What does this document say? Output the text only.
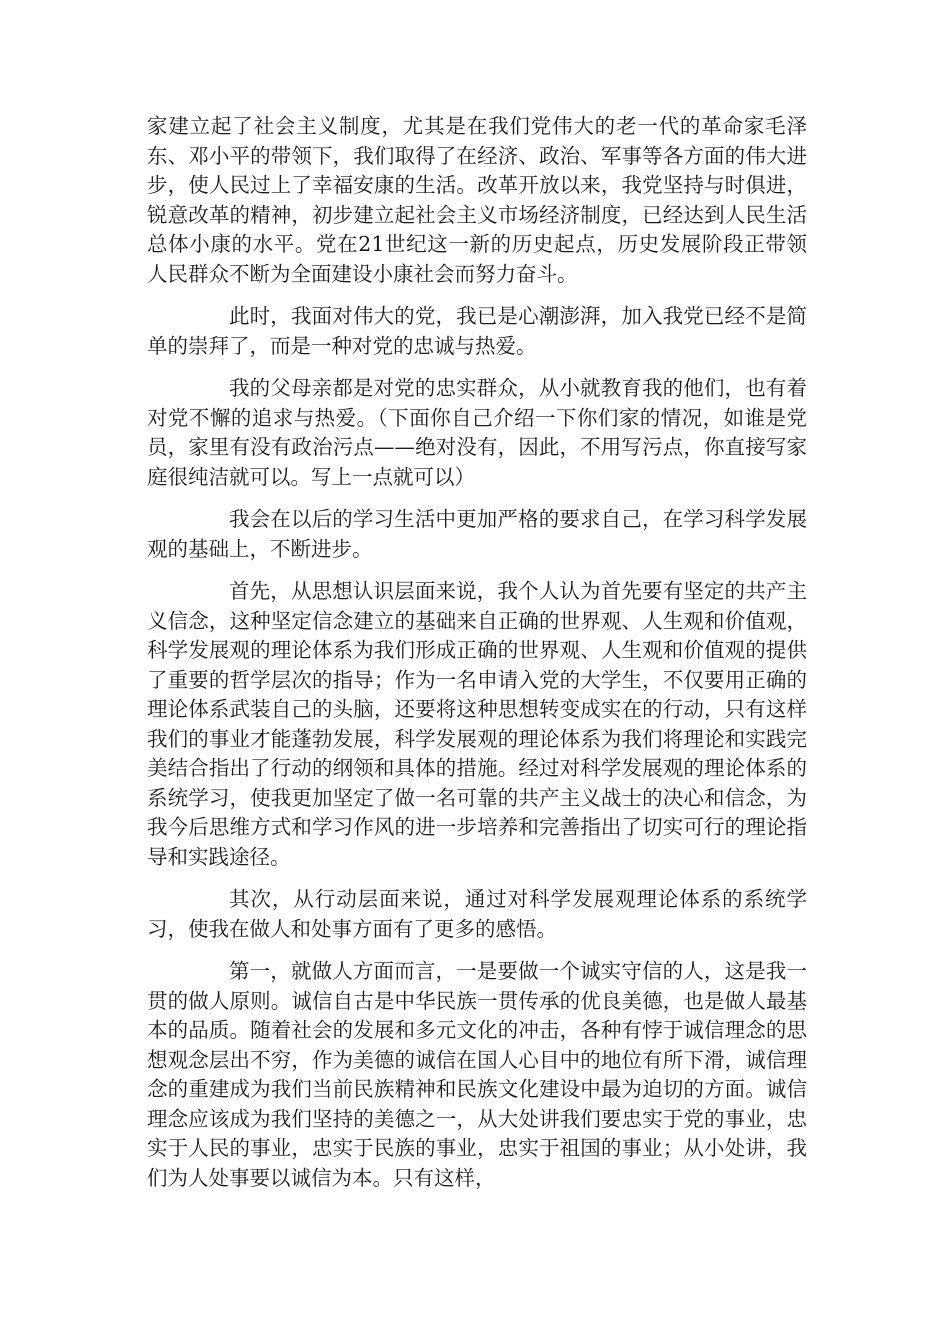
家建立起了社会主义制度，尤其是在我们党伟大的老一代的革命家毛泽东、邓小平的带领下，我们取得了在经济、政治、军事等各方面的伟大进步，使人民过上了幸福安康的生活。改革开放以来，我党坚持与时俱进，锐意改革的精神，初步建立起社会主义市场经济制度，已经达到人民生活总体小康的水平。党在21世纪这一新的历史起点，历史发展阶段正带领人民群众不断为全面建设小康社会而努力奋斗。

此时，我面对伟大的党，我已是心潮澎湃，加入我党已经不是简单的崇拜了，而是一种对党的忠诚与热爱。

我的父母亲都是对党的忠实群众，从小就教育我的他们，也有着对党不懈的追求与热爱。（下面你自己介绍一下你们家的情况，如谁是党员，家里有没有政治污点——绝对没有，因此，不用写污点，你直接写家庭很纯洁就可以。写上一点就可以）

我会在以后的学习生活中更加严格的要求自己，在学习科学发展观的基础上，不断进步。

首先，从思想认识层面来说，我个人认为首先要有坚定的共产主义信念，这种坚定信念建立的基础来自正确的世界观、人生观和价值观，科学发展观的理论体系为我们形成正确的世界观、人生观和价值观的提供了重要的哲学层次的指导；作为一名申请入党的大学生，不仅要用正确的理论体系武装自己的头脑，还要将这种思想转变成实在的行动，只有这样我们的事业才能蓬勃发展，科学发展观的理论体系为我们将理论和实践完美结合指出了行动的纲领和具体的措施。经过对科学发展观的理论体系的系统学习，使我更加坚定了做一名可靠的共产主义战士的决心和信念，为我今后思维方式和学习作风的进一步培养和完善指出了切实可行的理论指导和实践途径。

其次，从行动层面来说，通过对科学发展观理论体系的系统学习，使我在做人和处事方面有了更多的感悟。

第一，就做人方面而言，一是要做一个诚实守信的人，这是我一贯的做人原则。诚信自古是中华民族一贯传承的优良美德，也是做人最基本的品质。随着社会的发展和多元文化的冲击，各种有悖于诚信理念的思想观念层出不穷，作为美德的诚信在国人心目中的地位有所下滑，诚信理念的重建成为我们当前民族精神和民族文化建设中最为迫切的方面。诚信理念应该成为我们坚持的美德之一，从大处讲我们要忠实于党的事业，忠实于人民的事业，忠实于民族的事业，忠实于祖国的事业；从小处讲，我们为人处事要以诚信为本。只有这样，
